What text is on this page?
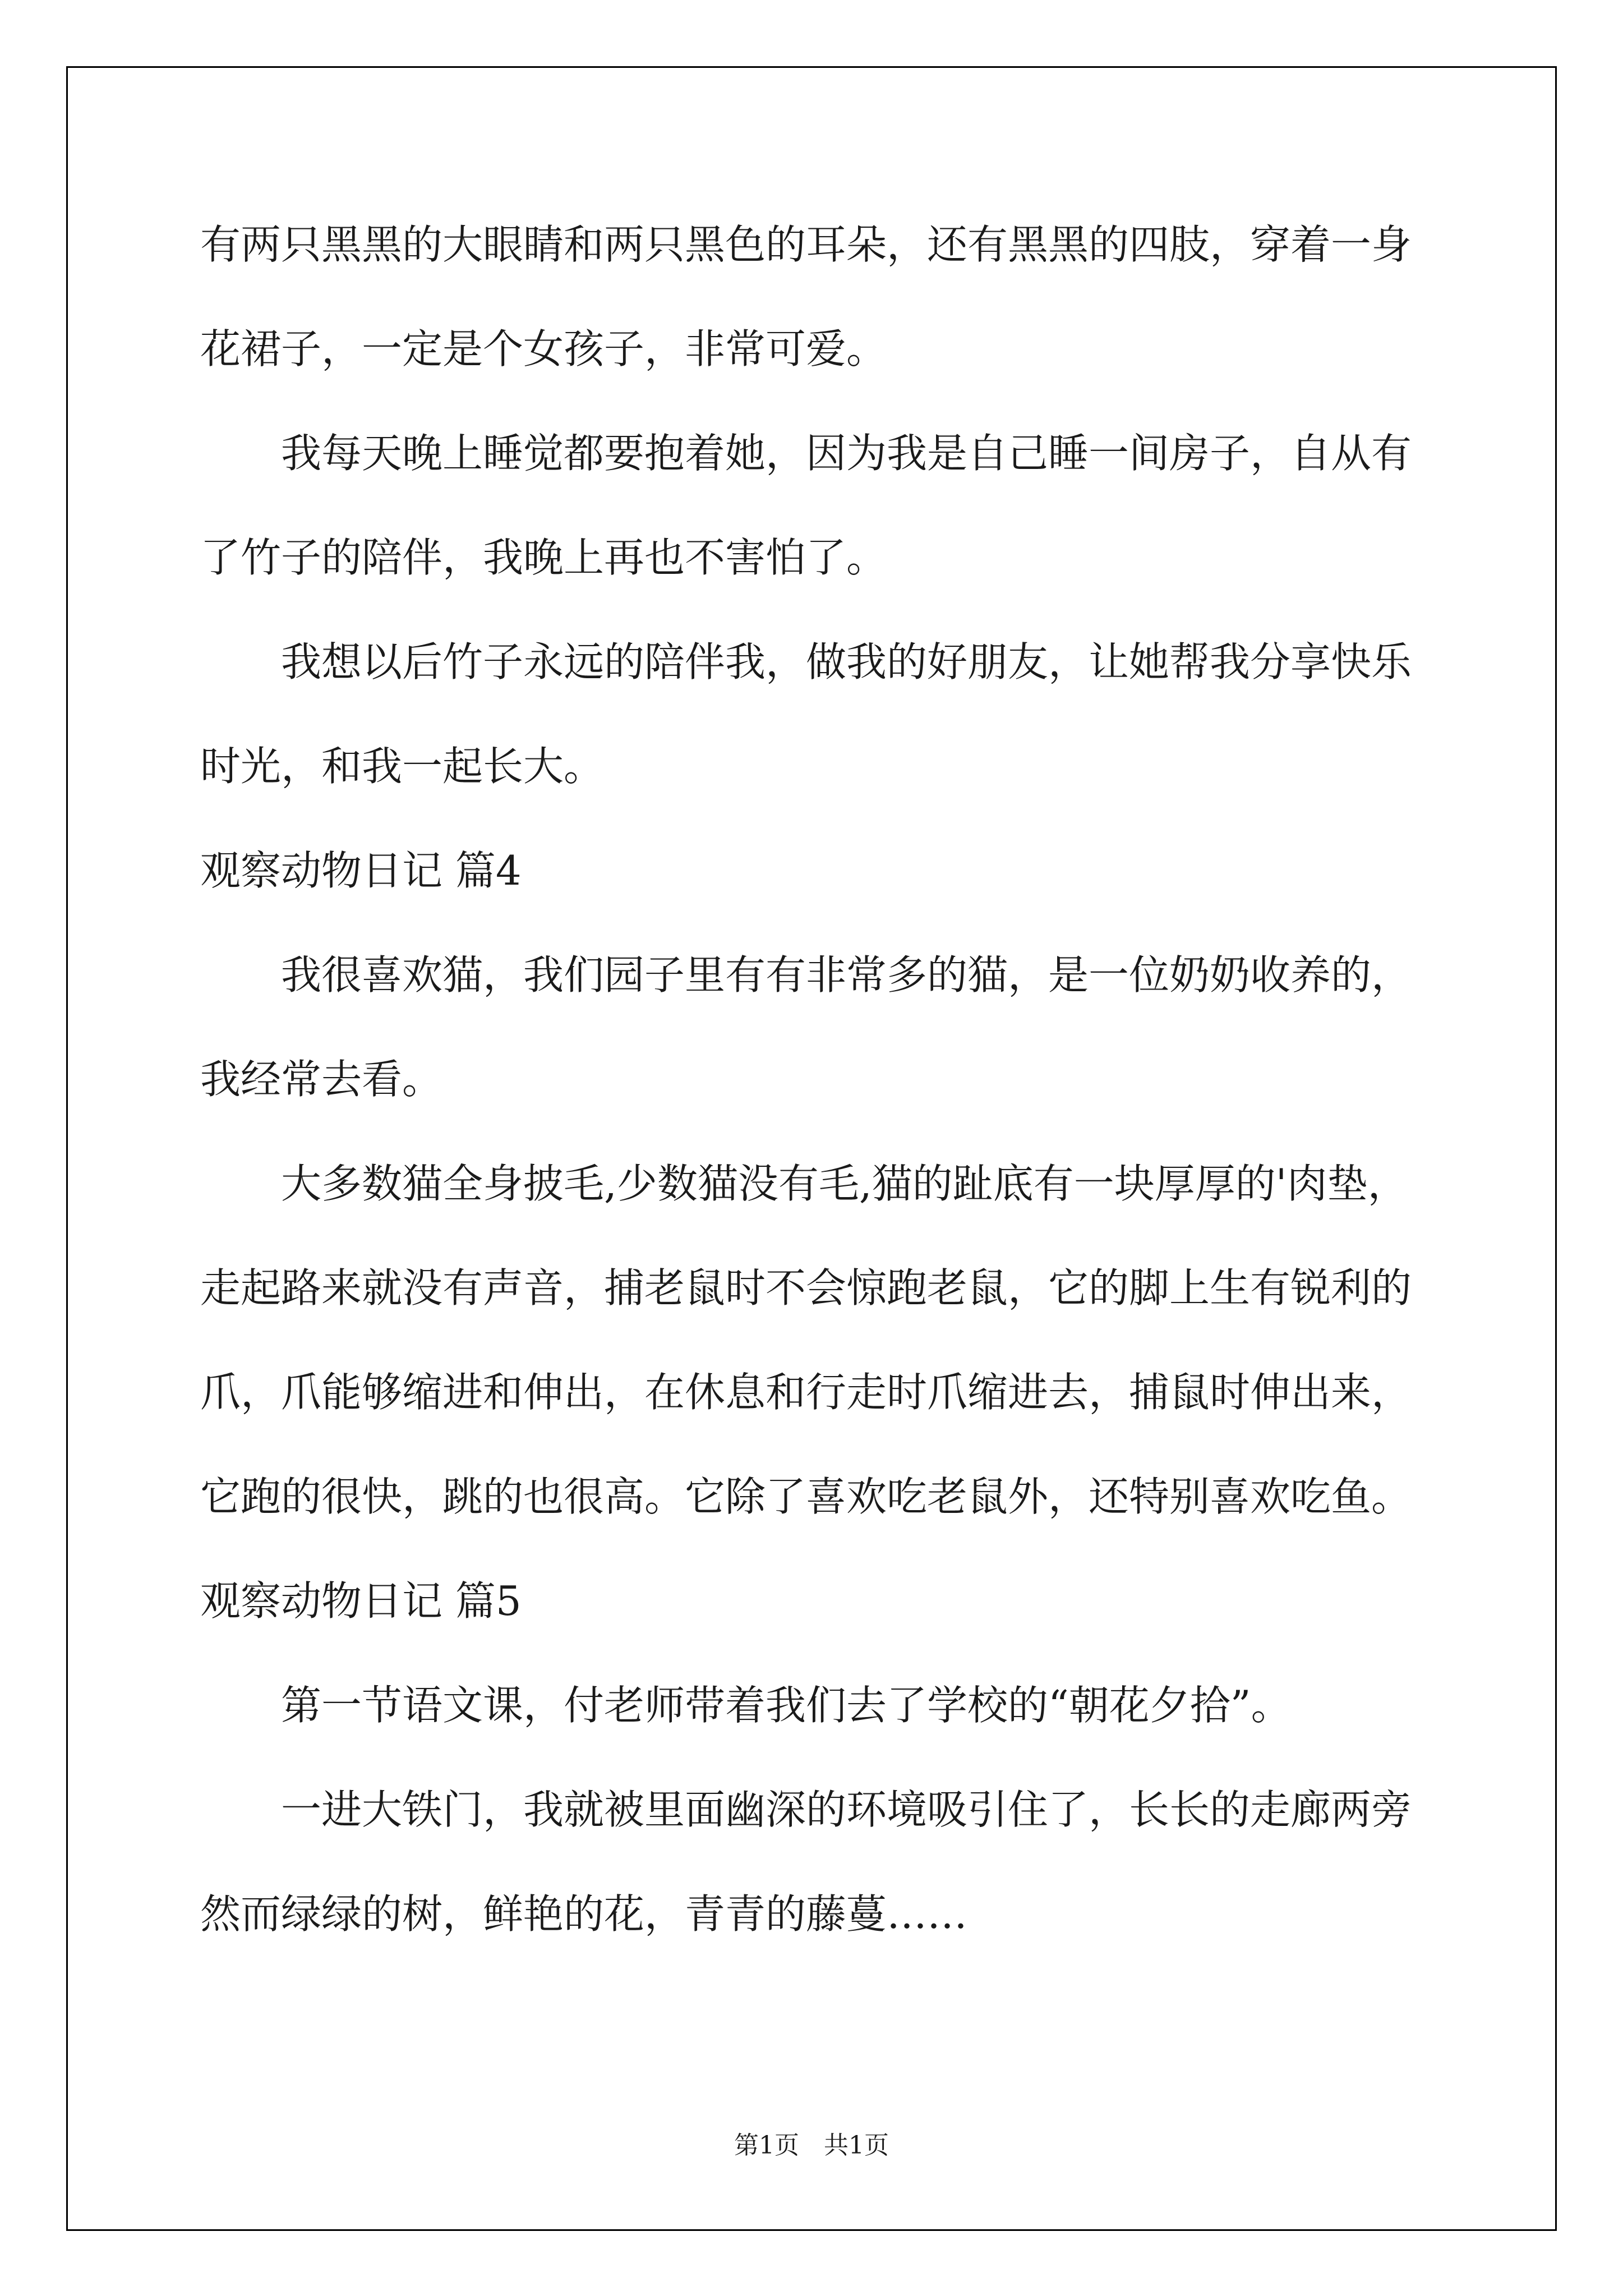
有两只黑黑的大眼睛和两只黑色的耳朵，还有黑黑的四肢，穿着一身
花裙子，一定是个女孩子，非常可爱。
我每天晚上睡觉都要抱着她，因为我是自己睡一间房子，自从有
了竹子的陪伴，我晚上再也不害怕了。
我想以后竹子永远的陪伴我，做我的好朋友，让她帮我分享快乐
时光，和我一起长大。
观察动物日记 篇4
我很喜欢猫，我们园子里有有非常多的猫，是一位奶奶收养的，
我经常去看。
大多数猫全身披毛,少数猫没有毛,猫的趾底有一块厚厚的'肉垫，
走起路来就没有声音，捕老鼠时不会惊跑老鼠，它的脚上生有锐利的
爪，爪能够缩进和伸出，在休息和行走时爪缩进去，捕鼠时伸出来，
它跑的很快，跳的也很高。它除了喜欢吃老鼠外，还特别喜欢吃鱼。
观察动物日记 篇5
第一节语文课，付老师带着我们去了学校的“朝花夕拾”。
一进大铁门，我就被里面幽深的环境吸引住了，长长的走廊两旁
然而绿绿的树，鲜艳的花，青青的藤蔓……
第1页　共1页
